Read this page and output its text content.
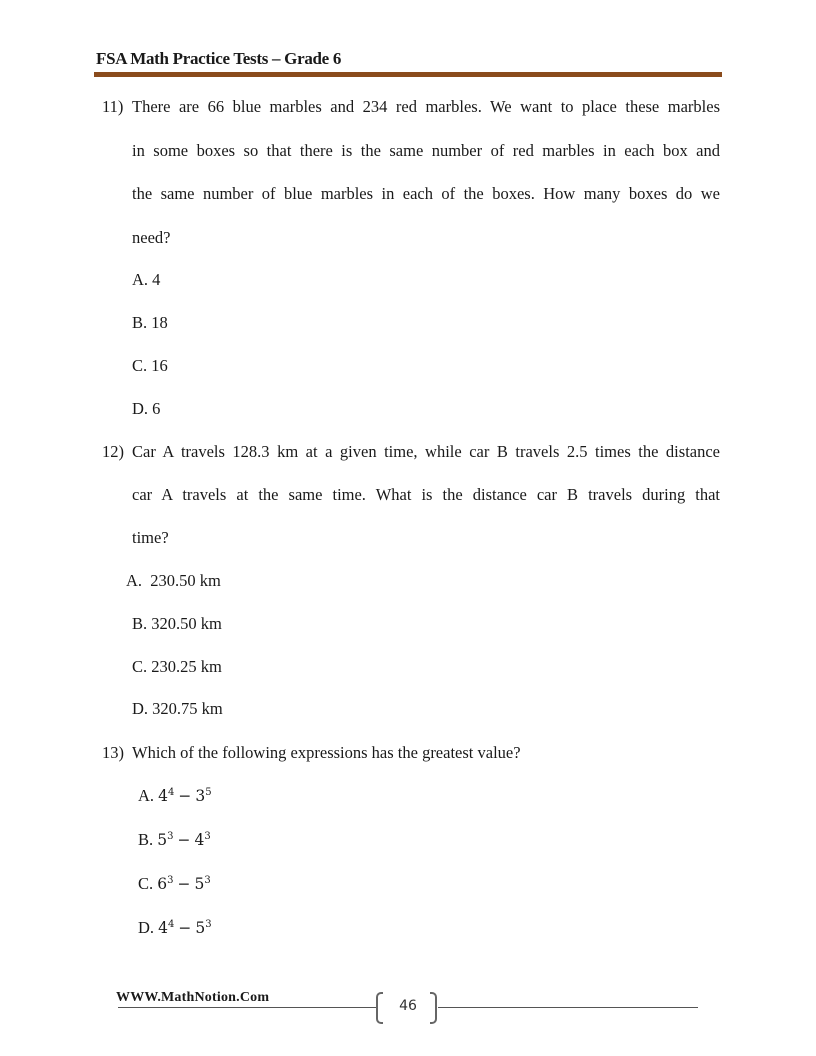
FSA Math Practice Tests – Grade 6
11) There are 66 blue marbles and 234 red marbles. We want to place these marbles
in some boxes so that there is the same number of red marbles in each box and
the same number of blue marbles in each of the boxes. How many boxes do we
need?
A. 4
B. 18
C. 16
D. 6
12) Car A travels 128.3 km at a given time, while car B travels 2.5 times the distance
car A travels at the same time. What is the distance car B travels during that
time?
A. 230.50 km
B. 320.50 km
C. 230.25 km
D. 320.75 km
13) Which of the following expressions has the greatest value?
A. $4^4 - 3^5$
B. $5^3 - 4^3$
C. $6^3 - 5^3$
D. $4^4 - 5^3$
WWW.MathNotion.Com
46
